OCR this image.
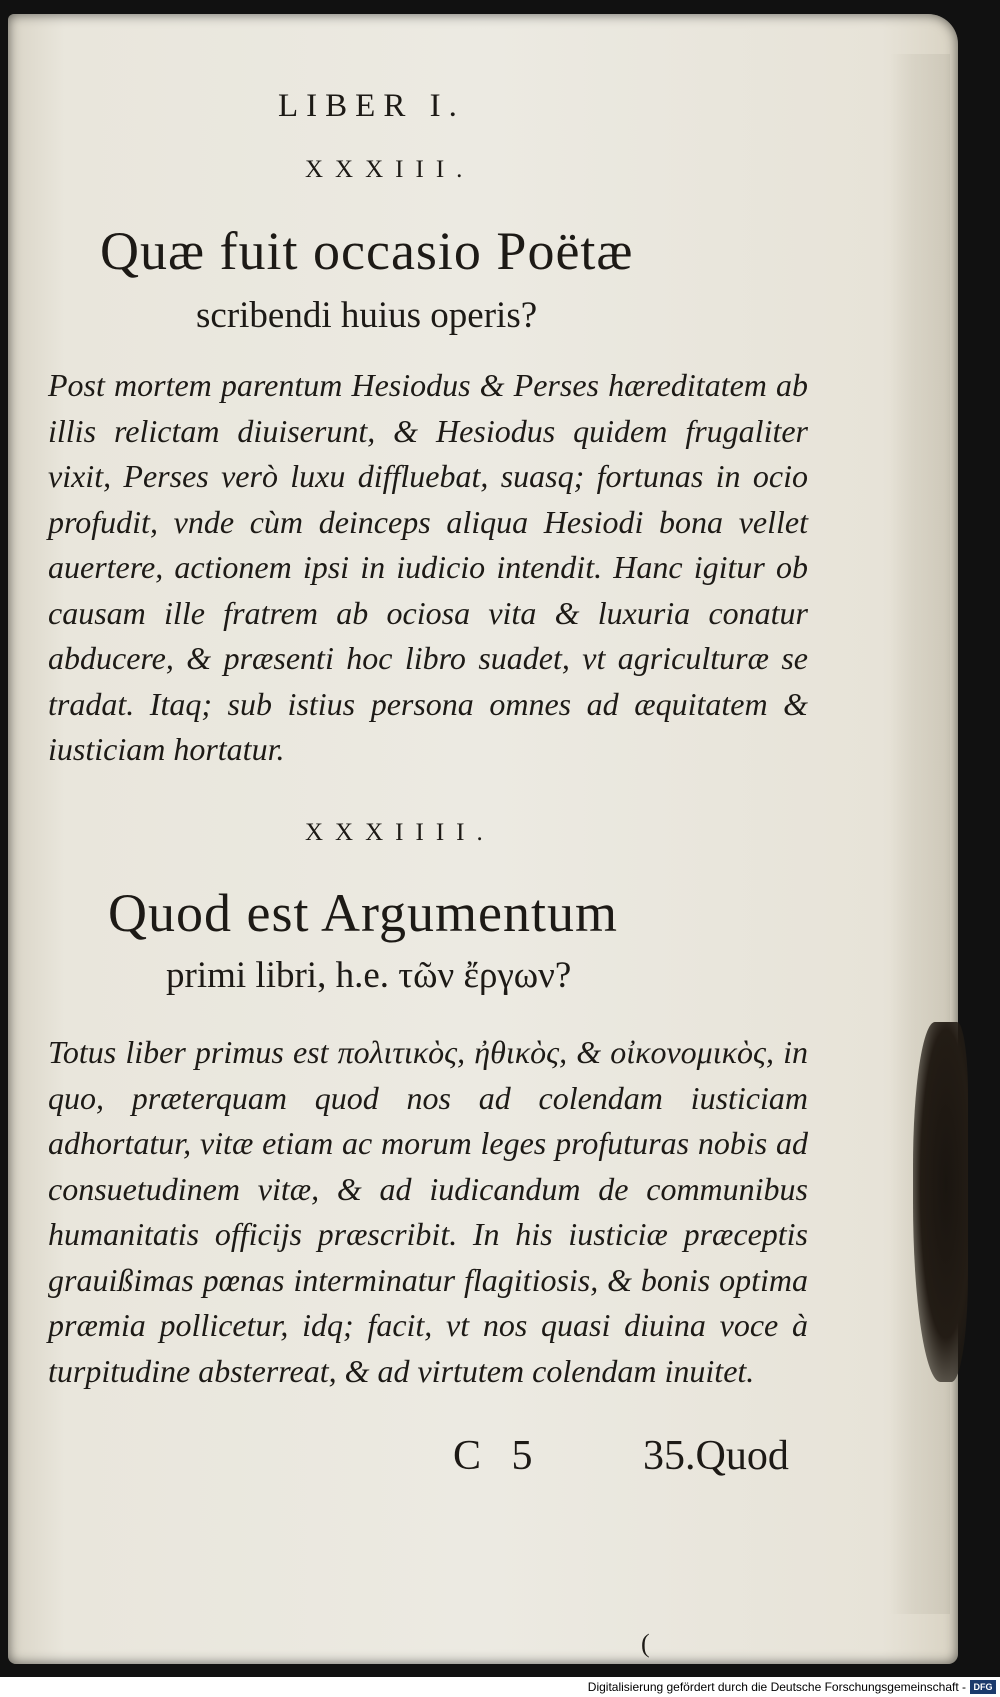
LIBER I.
XXXIII.
Quæ fuit occasio Poëtæ
scribendi huius operis?
Post mortem parentum Hesiodus & Perses hæreditatem ab illis relictam diuiserunt, & Hesiodus quidem frugaliter vixit, Perses verò luxu diffluebat, suasq; fortunas in ocio profudit, vnde cùm deinceps aliqua Hesiodi bona vellet auertere, actionem ipsi in iudicio intendit. Hanc igitur ob causam ille fratrem ab ociosa vita & luxuria conatur abducere, & præsenti hoc libro suadet, vt agriculturæ se tradat. Itaq; sub istius persona omnes ad æquitatem & iusticiam hortatur.
XXXIIII.
Quod est Argumentum
primi libri, h.e. τῶν ἔργων?
Totus liber primus est πολιτικὸς, ἠθικὸς, & οἰκονομικὸς, in quo, præterquam quod nos ad colendam iusticiam adhortatur, vitæ etiam ac morum leges profuturas nobis ad consuetudinem vitæ, & ad iudicandum de communibus humanitatis officijs præscribit. In his iusticiæ præceptis grauißimas pœnas interminatur flagitiosis, & bonis optima præmia pollicetur, idq; facit, vt nos quasi diuina voce à turpitudine absterreat, & ad virtutem colendam inuitet.
C 5 35.Quod
(
Digitalisierung gefördert durch die Deutsche Forschungsgemeinschaft - DFG
